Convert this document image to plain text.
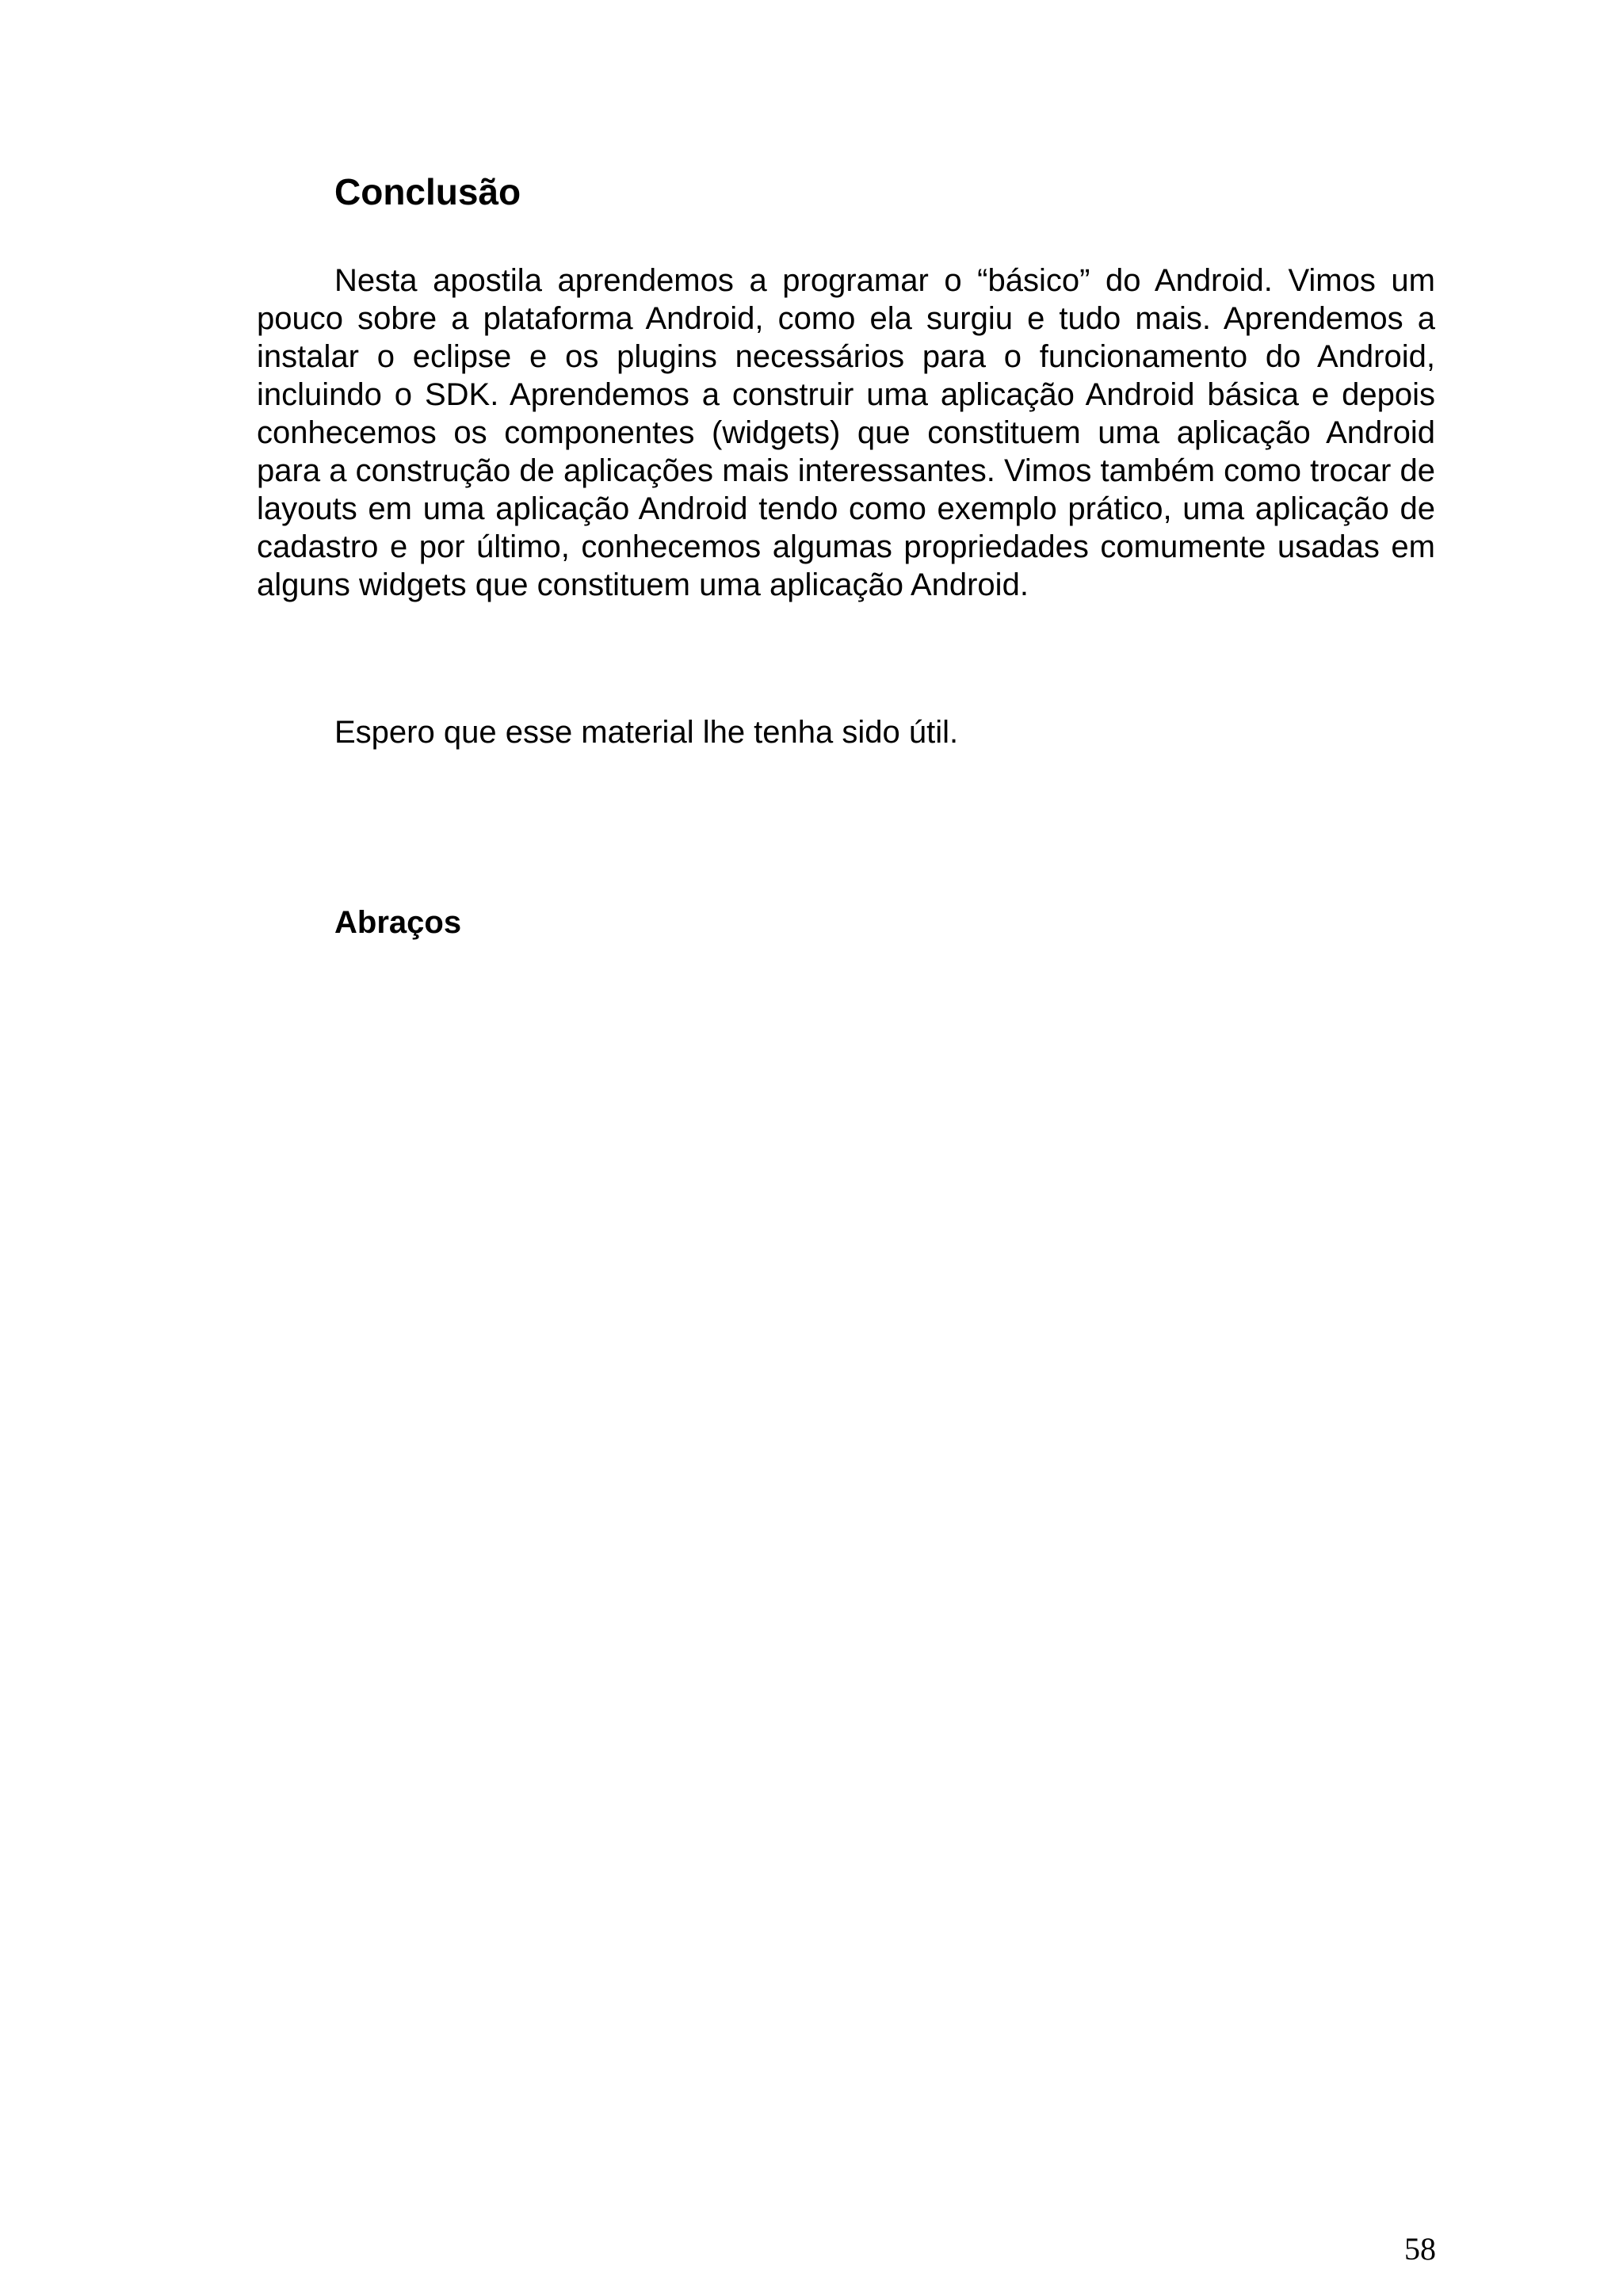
Conclusão

Nesta apostila aprendemos a programar o “básico” do Android. Vimos um pouco sobre a plataforma Android, como ela surgiu e tudo mais. Aprendemos a instalar o eclipse e os plugins necessários para o funcionamento do Android, incluindo o SDK. Aprendemos a construir uma aplicação Android básica e depois conhecemos os componentes (widgets) que constituem uma aplicação Android para a construção de aplicações mais interessantes. Vimos também como trocar de layouts em uma aplicação Android tendo como exemplo prático, uma aplicação de cadastro e por último, conhecemos algumas propriedades comumente usadas em alguns widgets que constituem uma aplicação Android.

Espero que esse material lhe tenha sido útil.

Abraços

58
